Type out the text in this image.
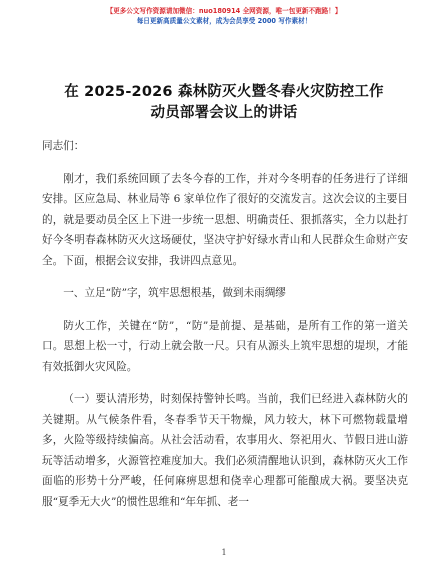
【更多公文写作资源请加微信：nuo180914 全网资源，唯一包更新不跑路！】
每日更新高质量公文素材，成为会员享受 2000 写作素材！
在 2025-2026 森林防灭火暨冬春火灾防控工作
动员部署会议上的讲话

同志们：

刚才，我们系统回顾了去冬今春的工作，并对今冬明春的任务进行了详细安排。区应急局、林业局等 6 家单位作了很好的交流发言。这次会议的主要目的，就是要动员全区上下进一步统一思想、明确责任、狠抓落实，全力以赴打好今冬明春森林防灭火这场硬仗，坚决守护好绿水青山和人民群众生命财产安全。下面，根据会议安排，我讲四点意见。

一、立足“防”字，筑牢思想根基，做到未雨绸缪

防火工作，关键在“防”，“防”是前提、是基础，是所有工作的第一道关口。思想上松一寸，行动上就会散一尺。只有从源头上筑牢思想的堤坝，才能有效抵御火灾风险。

（一）要认清形势，时刻保持警钟长鸣。当前，我们已经进入森林防火的关键期。从气候条件看，冬春季节天干物燥，风力较大，林下可燃物载量增多，火险等级持续偏高。从社会活动看，农事用火、祭祀用火、节假日进山游玩等活动增多，火源管控难度加大。我们必须清醒地认识到，森林防灭火工作面临的形势十分严峻，任何麻痹思想和侥幸心理都可能酿成大祸。要坚决克服“夏季无大火”的惯性思维和“年年抓、老一

1
